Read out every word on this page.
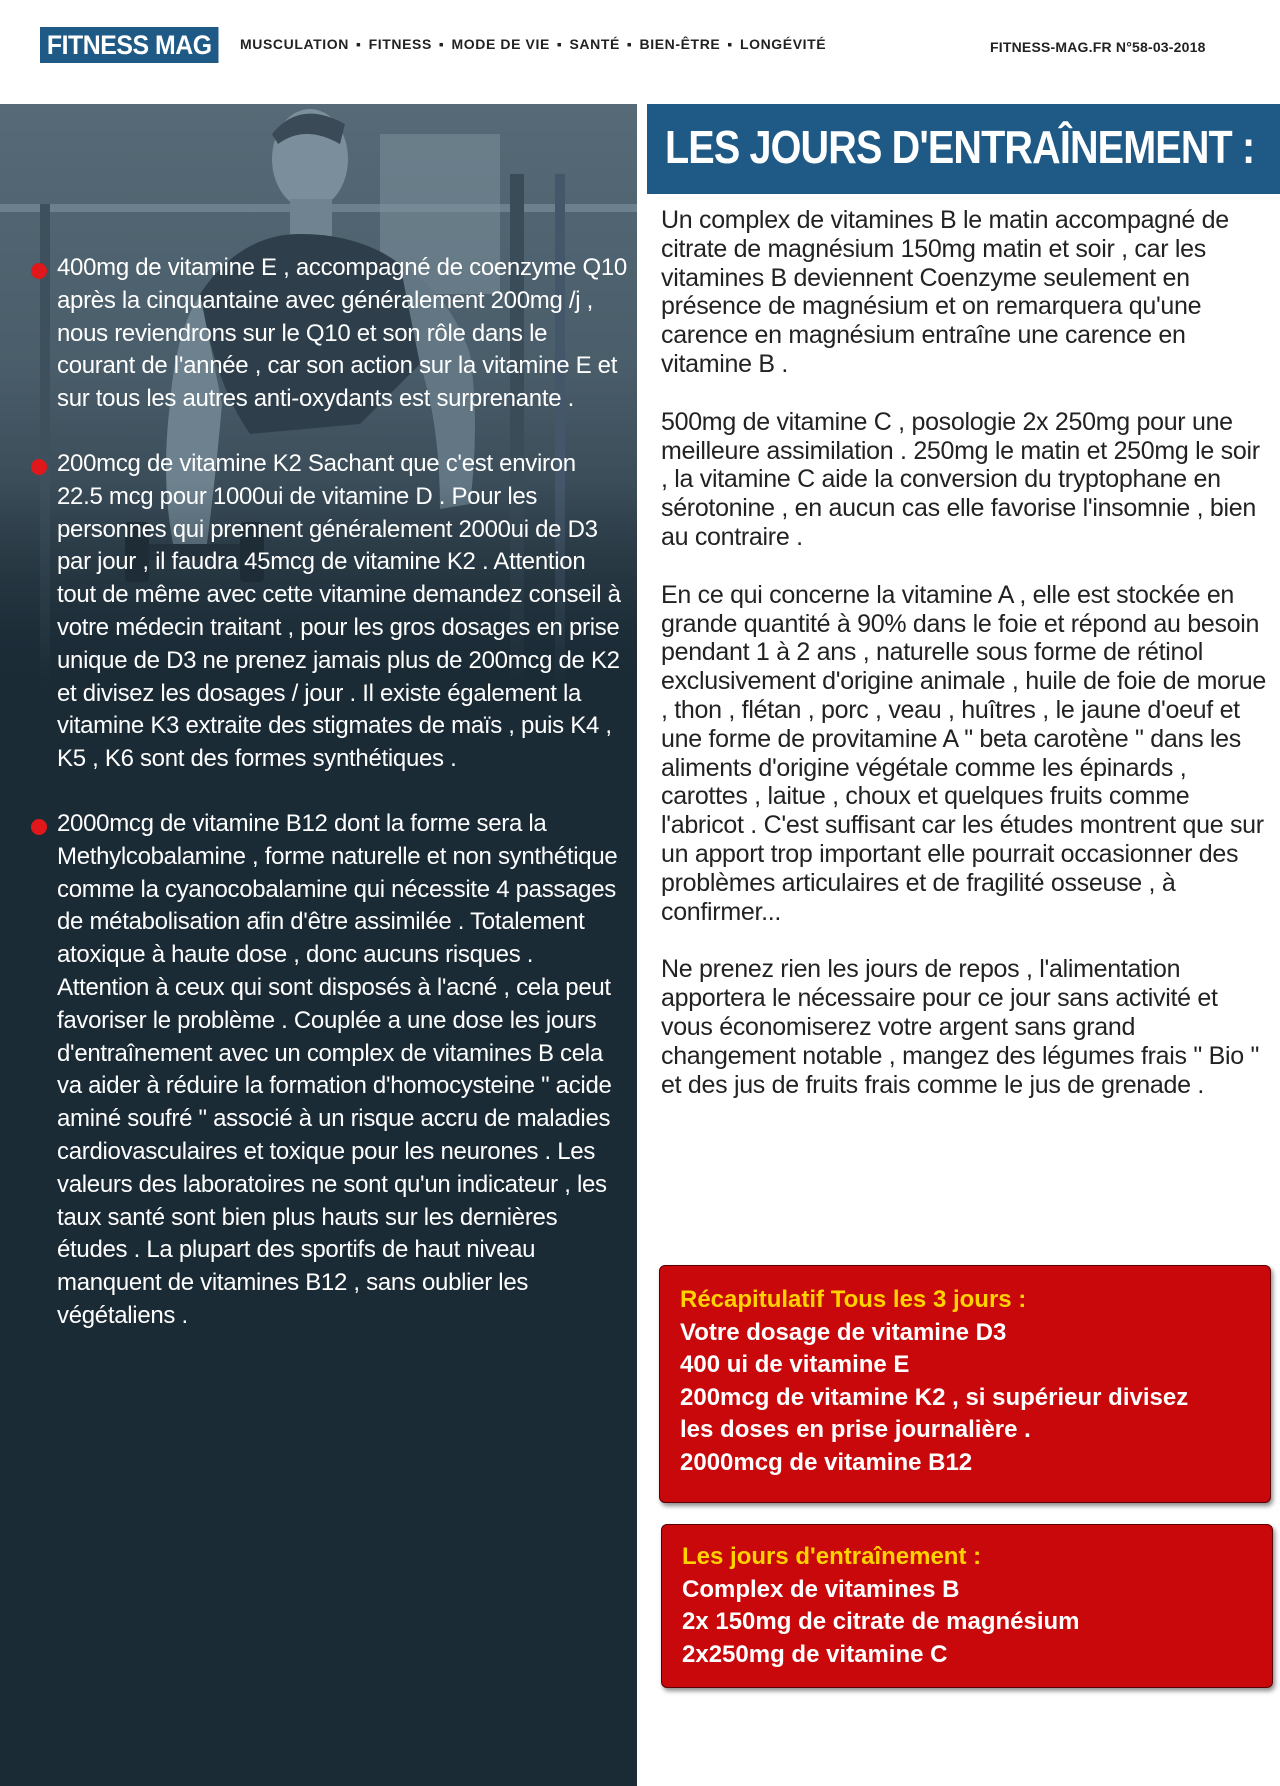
FITNESS MAG	MUSCULATION ▪ FITNESS ▪ MODE DE VIE ▪ SANTÉ ▪ BIEN-ÊTRE ▪ LONGÉVITÉ	FITNESS-MAG.FR N°58-03-2018
400mg de vitamine E , accompagné de coenzyme Q10 après la cinquantaine avec généralement 200mg /j , nous reviendrons sur le Q10 et son rôle dans le courant de l'année , car son action sur la vitamine E et sur tous les autres anti-oxydants est surprenante .
200mcg de vitamine K2 Sachant que c'est environ 22.5 mcg pour 1000ui de vitamine D . Pour les personnes qui prennent généralement 2000ui de D3 par jour , il faudra 45mcg de vitamine K2 . Attention tout de même avec cette vitamine demandez conseil à votre médecin traitant , pour les gros dosages en prise unique de D3 ne prenez jamais plus de 200mcg de K2 et divisez les dosages / jour . Il existe également la vitamine K3 extraite des stigmates de maïs , puis K4 , K5 , K6 sont des formes synthétiques .
2000mcg de vitamine B12 dont la forme sera la Methylcobalamine , forme naturelle et non synthétique comme la cyanocobalamine qui nécessite 4 passages de métabolisation afin d'être assimilée . Totalement atoxique à haute dose , donc aucuns risques . Attention à ceux qui sont disposés à l'acné , cela peut favoriser le problème . Couplée a une dose les jours d'entraînement avec un complex de vitamines B cela va aider à réduire la formation d'homocysteine " acide aminé soufré " associé à un risque accru de maladies cardiovasculaires et toxique pour les neurones . Les valeurs des laboratoires ne sont qu'un indicateur , les taux santé sont bien plus hauts sur les dernières études . La plupart des sportifs de haut niveau manquent de vitamines B12 , sans oublier les végétaliens .
LES JOURS D'ENTRAÎNEMENT :

Un complex de vitamines B le matin accompagné de citrate de magnésium 150mg matin et soir , car les vitamines B deviennent Coenzyme seulement en présence de magnésium et on remarquera qu'une carence en magnésium entraîne une carence en vitamine B .

500mg de vitamine C , posologie 2x 250mg pour une meilleure assimilation . 250mg le matin et 250mg le soir , la vitamine C aide la conversion du tryptophane en sérotonine , en aucun cas elle favorise l'insomnie , bien au contraire .

En ce qui concerne la vitamine A , elle est stockée en grande quantité à 90% dans le foie et répond au besoin pendant 1 à 2 ans , naturelle sous forme de rétinol exclusivement d'origine animale , huile de foie de morue , thon , flétan , porc , veau , huîtres , le jaune d'oeuf et une forme de provitamine A " beta carotène " dans les aliments d'origine végétale comme les épinards , carottes , laitue , choux et quelques fruits comme l'abricot . C'est suffisant car les études montrent que sur un apport trop important elle pourrait occasionner des problèmes articulaires et de fragilité osseuse , à confirmer...

Ne prenez rien les jours de repos , l'alimentation apportera le nécessaire pour ce jour sans activité et vous économiserez votre argent sans grand changement notable , mangez des légumes frais " Bio " et des jus de fruits frais comme le jus de grenade .

Récapitulatif Tous les 3 jours :
Votre dosage de vitamine D3
400 ui de vitamine E
200mcg de vitamine K2 , si supérieur divisez
les doses en prise journalière .
2000mcg de vitamine B12
Les jours d'entraînement :
Complex de vitamines B
2x 150mg de citrate de magnésium
2x250mg de vitamine C
